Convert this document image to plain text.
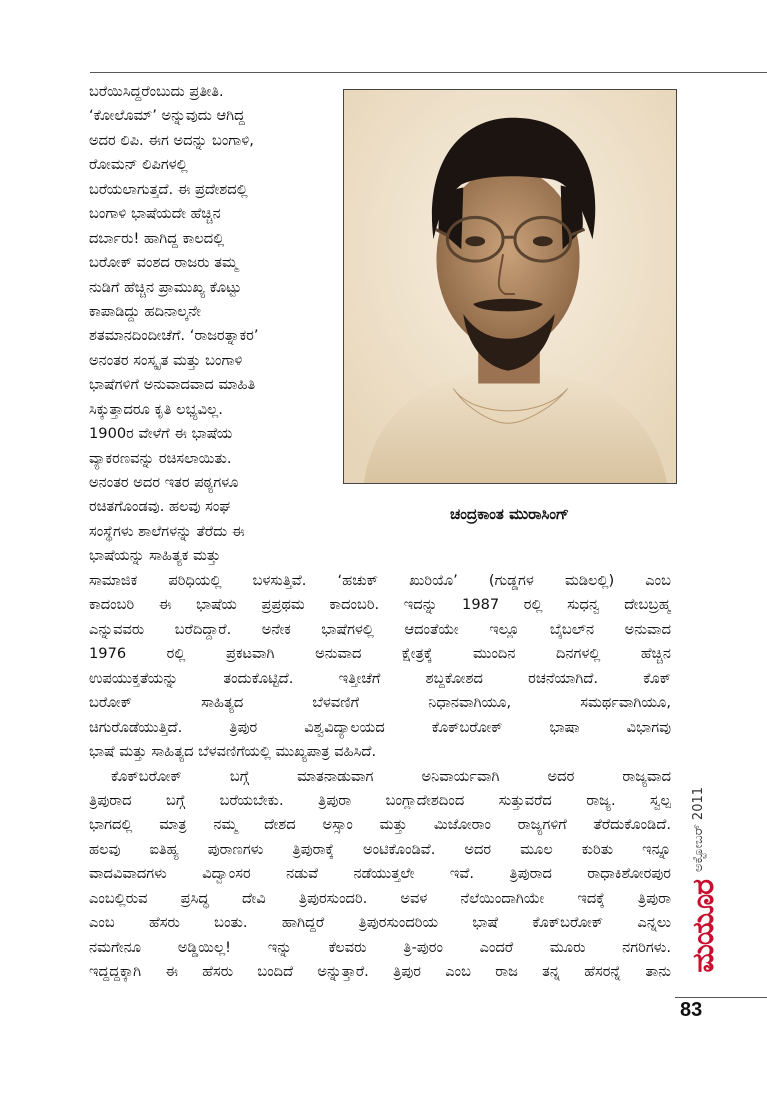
ಬರೆಯಿಸಿದ್ದರೆಂಬುದು ಪ್ರತೀತಿ.
‘ಕೋಲೊಮ್’ ಅನ್ನುವುದು ಆಗಿದ್ದ
ಅದರ ಲಿಪಿ. ಈಗ ಅದನ್ನು ಬಂಗಾಳಿ,
ರೋಮನ್ ಲಿಪಿಗಳಲ್ಲಿ
ಬರೆಯಲಾಗುತ್ತದೆ. ಈ ಪ್ರದೇಶದಲ್ಲಿ
ಬಂಗಾಳಿ ಭಾಷೆಯದೇ ಹೆಚ್ಚಿನ
ದರ್ಬಾರು! ಹಾಗಿದ್ದ ಕಾಲದಲ್ಲಿ
ಬರೋಕ್ ವಂಶದ ರಾಜರು ತಮ್ಮ
ನುಡಿಗೆ ಹೆಚ್ಚಿನ ಪ್ರಾಮುಖ್ಯ ಕೊಟ್ಟು
ಕಾಪಾಡಿದ್ದು ಹದಿನಾಲ್ಕನೇ
ಶತಮಾನದಿಂದೀಚೆಗೆ. ‘ರಾಜರತ್ನಾಕರ’
ಅನಂತರ ಸಂಸ್ಕೃತ ಮತ್ತು ಬಂಗಾಳಿ
ಭಾಷೆಗಳಿಗೆ ಅನುವಾದವಾದ ಮಾಹಿತಿ
ಸಿಕ್ಕುತ್ತಾದರೂ ಕೃತಿ ಲಭ್ಯವಿಲ್ಲ.
1900ರ ವೇಳೆಗೆ ಈ ಭಾಷೆಯ
ವ್ಯಾಕರಣವನ್ನು ರಚಿಸಲಾಯಿತು.
ಅನಂತರ ಅದರ ಇತರ ಪಠ್ಯಗಳೂ
ರಚಿತಗೊಂಡವು. ಹಲವು ಸಂಘ
ಸಂಸ್ಥೆಗಳು ಶಾಲೆಗಳನ್ನು ತೆರೆದು ಈ
ಭಾಷೆಯನ್ನು ಸಾಹಿತ್ಯಕ ಮತ್ತು
ಚಂದ್ರಕಾಂತ ಮುರಾಸಿಂಗ್
ಸಾಮಾಜಿಕ ಪರಿಧಿಯಲ್ಲಿ ಬಳಸುತ್ತಿವೆ. ‘ಹಚುಕ್ ಖುರಿಯೊ’ (ಗುಡ್ಡಗಳ ಮಡಿಲಲ್ಲಿ) ಎಂಬ
ಕಾದಂಬರಿ ಈ ಭಾಷೆಯ ಪ್ರಪ್ರಥಮ ಕಾದಂಬರಿ. ಇದನ್ನು 1987 ರಲ್ಲಿ ಸುಧನ್ವ ದೇಬಬ್ರಹ್ಮ
ಎನ್ನುವವರು ಬರೆದಿದ್ದಾರೆ. ಅನೇಕ ಭಾಷೆಗಳಲ್ಲಿ ಆದಂತೆಯೇ ಇಲ್ಲೂ ಬೈಬಲ್‌ನ ಅನುವಾದ
1976 ರಲ್ಲಿ ಪ್ರಕಟವಾಗಿ ಅನುವಾದ ಕ್ಷೇತ್ರಕ್ಕೆ ಮುಂದಿನ ದಿನಗಳಲ್ಲಿ ಹೆಚ್ಚಿನ
ಉಪಯುಕ್ತತೆಯನ್ನು ತಂದುಕೊಟ್ಟಿದೆ. ಇತ್ತೀಚೆಗೆ ಶಬ್ದಕೋಶದ ರಚನೆಯಾಗಿದೆ. ಕೊಕ್
ಬರೋಕ್ ಸಾಹಿತ್ಯದ ಬೆಳವಣಿಗೆ ನಿಧಾನವಾಗಿಯೂ, ಸಮರ್ಥವಾಗಿಯೂ,
ಚಿಗುರೊಡೆಯುತ್ತಿದೆ. ತ್ರಿಪುರ ವಿಶ್ವವಿದ್ಯಾಲಯದ ಕೊಕ್‌ಬರೋಕ್ ಭಾಷಾ ವಿಭಾಗವು
ಭಾಷೆ ಮತ್ತು ಸಾಹಿತ್ಯದ ಬೆಳವಣಿಗೆಯಲ್ಲಿ ಮುಖ್ಯಪಾತ್ರ ವಹಿಸಿದೆ.
ಕೊಕ್‌ಬರೋಕ್ ಬಗ್ಗೆ ಮಾತನಾಡುವಾಗ ಅನಿವಾರ್ಯವಾಗಿ ಅದರ ರಾಜ್ಯವಾದ
ತ್ರಿಪುರಾದ ಬಗ್ಗೆ ಬರೆಯಬೇಕು. ತ್ರಿಪುರಾ ಬಂಗ್ಲಾದೇಶದಿಂದ ಸುತ್ತುವರೆದ ರಾಜ್ಯ. ಸ್ವಲ್ಪ
ಭಾಗದಲ್ಲಿ ಮಾತ್ರ ನಮ್ಮ ದೇಶದ ಅಸ್ಸಾಂ ಮತ್ತು ಮಿಜೋರಾಂ ರಾಜ್ಯಗಳಿಗೆ ತೆರೆದುಕೊಂಡಿದೆ.
ಹಲವು ಐತಿಹ್ಯ ಪುರಾಣಗಳು ತ್ರಿಪುರಾಕ್ಕೆ ಅಂಟಿಕೊಂಡಿವೆ. ಅದರ ಮೂಲ ಕುರಿತು ಇನ್ನೂ
ವಾದವಿವಾದಗಳು ವಿದ್ವಾಂಸರ ನಡುವೆ ನಡೆಯುತ್ತಲೇ ಇವೆ. ತ್ರಿಪುರಾದ ರಾಧಾಕಿಶೋರಪುರ
ಎಂಬಲ್ಲಿರುವ ಪ್ರಸಿದ್ಧ ದೇವಿ ತ್ರಿಪುರಸುಂದರಿ. ಅವಳ ನೆಲೆಯಿಂದಾಗಿಯೇ ಇದಕ್ಕೆ ತ್ರಿಪುರಾ
ಎಂಬ ಹೆಸರು ಬಂತು. ಹಾಗಿದ್ದರೆ ತ್ರಿಪುರಸುಂದರಿಯ ಭಾಷೆ ಕೊಕ್‌ಬರೋಕ್ ಎನ್ನಲು
ನಮಗೇನೂ ಅಡ್ಡಿಯಿಲ್ಲ! ಇನ್ನು ಕೆಲವರು ತ್ರಿ-ಪುರಂ ಎಂದರೆ ಮೂರು ನಗರಿಗಳು.
ಇದ್ದದ್ದಕ್ಕಾಗಿ ಈ ಹೆಸರು ಬಂದಿದೆ ಅನ್ನುತ್ತಾರೆ. ತ್ರಿಪುರ ಎಂಬ ರಾಜ ತನ್ನ ಹೆಸರನ್ನೆ ತಾನು
ಅಕ್ಟೋಬರ್ 2011
ಮಯೂರ
83
